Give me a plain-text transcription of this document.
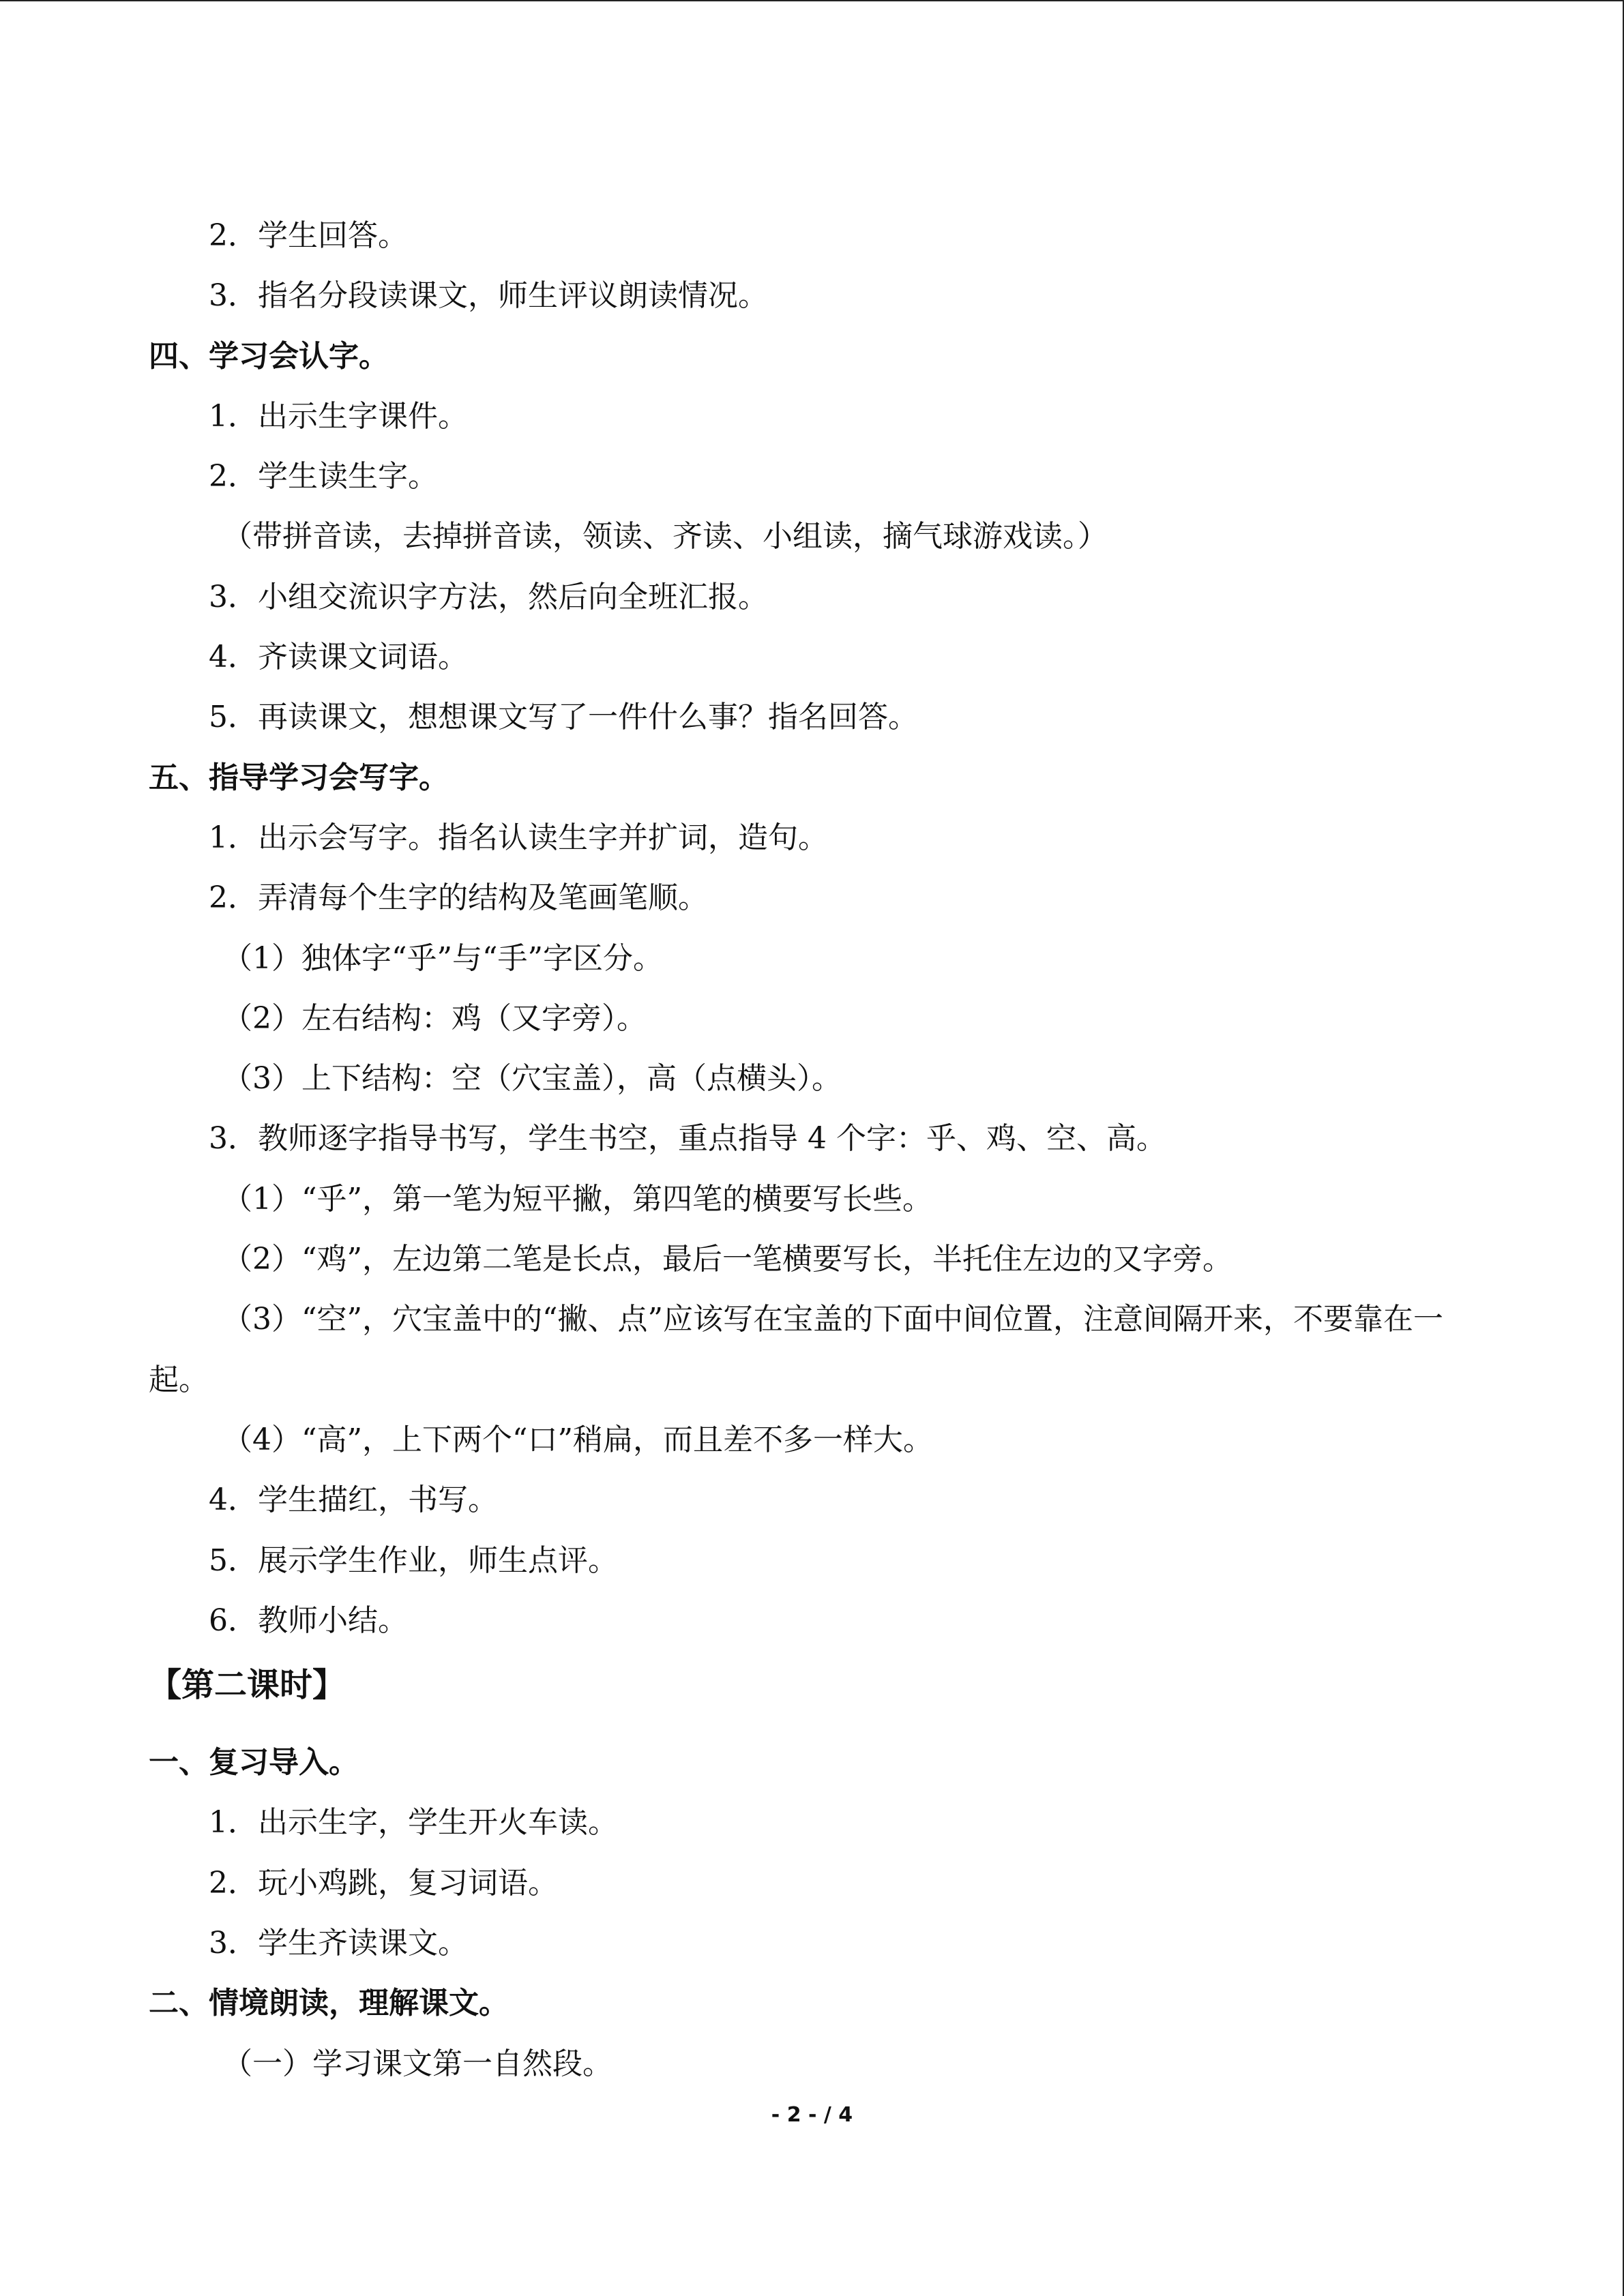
2．学生回答。
3．指名分段读课文，师生评议朗读情况。
四、学习会认字。
1．出示生字课件。
2．学生读生字。
（带拼音读，去掉拼音读，领读、齐读、小组读，摘气球游戏读。）
3．小组交流识字方法，然后向全班汇报。
4．齐读课文词语。
5．再读课文，想想课文写了一件什么事？指名回答。
五、指导学习会写字。
1．出示会写字。指名认读生字并扩词，造句。
2．弄清每个生字的结构及笔画笔顺。
（1）独体字“乎”与“手”字区分。
（2）左右结构：鸡（又字旁）。
（3）上下结构：空（穴宝盖），高（点横头）。
3．教师逐字指导书写，学生书空，重点指导 4 个字：乎、鸡、空、高。
（1）“乎”，第一笔为短平撇，第四笔的横要写长些。
（2）“鸡”，左边第二笔是长点，最后一笔横要写长，半托住左边的又字旁。
（3）“空”，穴宝盖中的“撇、点”应该写在宝盖的下面中间位置，注意间隔开来，不要靠在一起。
（4）“高”，上下两个“口”稍扁，而且差不多一样大。
4．学生描红，书写。
5．展示学生作业，师生点评。
6．教师小结。
【第二课时】
一、复习导入。
1．出示生字，学生开火车读。
2．玩小鸡跳，复习词语。
3．学生齐读课文。
二、情境朗读，理解课文。
（一）学习课文第一自然段。
- 2 - / 4
